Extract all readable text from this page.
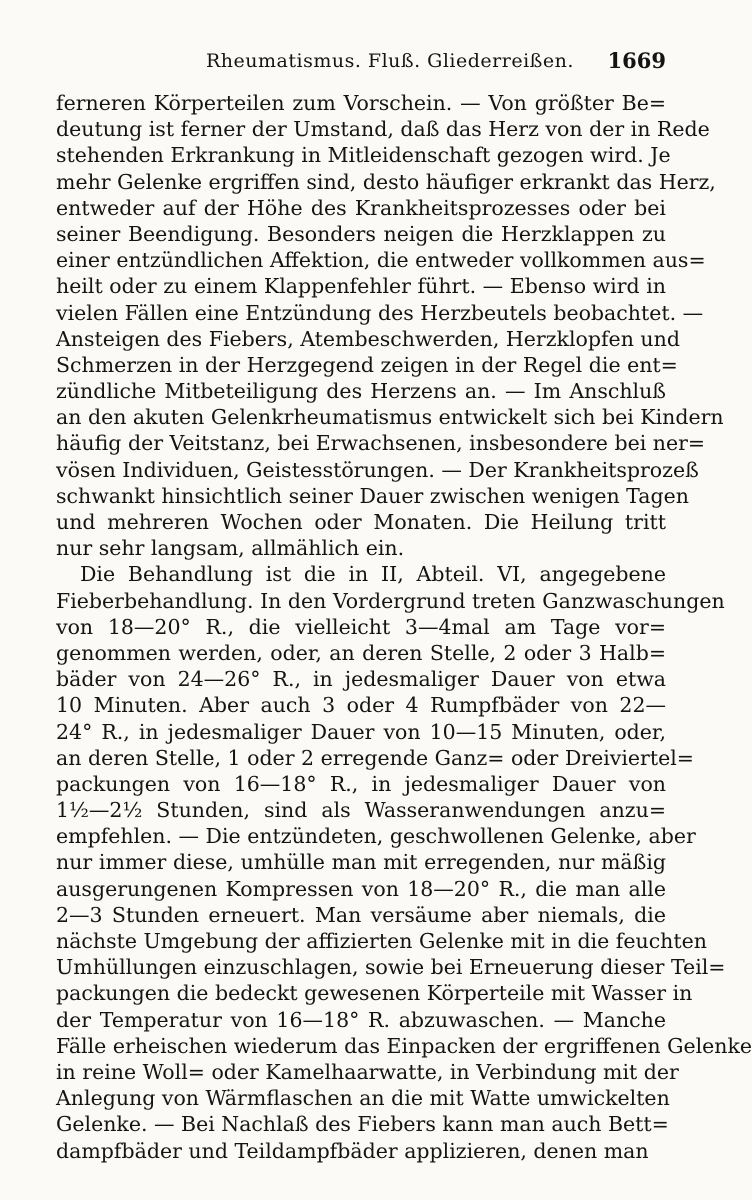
Rheumatismus. Fluß. Gliederreißen. 1669
ferneren Körperteilen zum Vorschein. — Von größter Be=
deutung ist ferner der Umstand, daß das Herz von der in Rede
stehenden Erkrankung in Mitleidenschaft gezogen wird. Je
mehr Gelenke ergriffen sind, desto häufiger erkrankt das Herz,
entweder auf der Höhe des Krankheitsprozesses oder bei
seiner Beendigung. Besonders neigen die Herzklappen zu
einer entzündlichen Affektion, die entweder vollkommen aus=
heilt oder zu einem Klappenfehler führt. — Ebenso wird in
vielen Fällen eine Entzündung des Herzbeutels beobachtet. —
Ansteigen des Fiebers, Atembeschwerden, Herzklopfen und
Schmerzen in der Herzgegend zeigen in der Regel die ent=
zündliche Mitbeteiligung des Herzens an. — Im Anschluß
an den akuten Gelenkrheumatismus entwickelt sich bei Kindern
häufig der Veitstanz, bei Erwachsenen, insbesondere bei ner=
vösen Individuen, Geistesstörungen. — Der Krankheitsprozeß
schwankt hinsichtlich seiner Dauer zwischen wenigen Tagen
und mehreren Wochen oder Monaten. Die Heilung tritt
nur sehr langsam, allmählich ein.
Die Behandlung ist die in II, Abteil. VI, angegebene
Fieberbehandlung. In den Vordergrund treten Ganzwaschungen
von 18—20° R., die vielleicht 3—4mal am Tage vor=
genommen werden, oder, an deren Stelle, 2 oder 3 Halb=
bäder von 24—26° R., in jedesmaliger Dauer von etwa
10 Minuten. Aber auch 3 oder 4 Rumpfbäder von 22—
24° R., in jedesmaliger Dauer von 10—15 Minuten, oder,
an deren Stelle, 1 oder 2 erregende Ganz= oder Dreiviertel=
packungen von 16—18° R., in jedesmaliger Dauer von
1½—2½ Stunden, sind als Wasseranwendungen anzu=
empfehlen. — Die entzündeten, geschwollenen Gelenke, aber
nur immer diese, umhülle man mit erregenden, nur mäßig
ausgerungenen Kompressen von 18—20° R., die man alle
2—3 Stunden erneuert. Man versäume aber niemals, die
nächste Umgebung der affizierten Gelenke mit in die feuchten
Umhüllungen einzuschlagen, sowie bei Erneuerung dieser Teil=
packungen die bedeckt gewesenen Körperteile mit Wasser in
der Temperatur von 16—18° R. abzuwaschen. — Manche
Fälle erheischen wiederum das Einpacken der ergriffenen Gelenke
in reine Woll= oder Kamelhaarwatte, in Verbindung mit der
Anlegung von Wärmflaschen an die mit Watte umwickelten
Gelenke. — Bei Nachlaß des Fiebers kann man auch Bett=
dampfbäder und Teildampfbäder applizieren, denen man
